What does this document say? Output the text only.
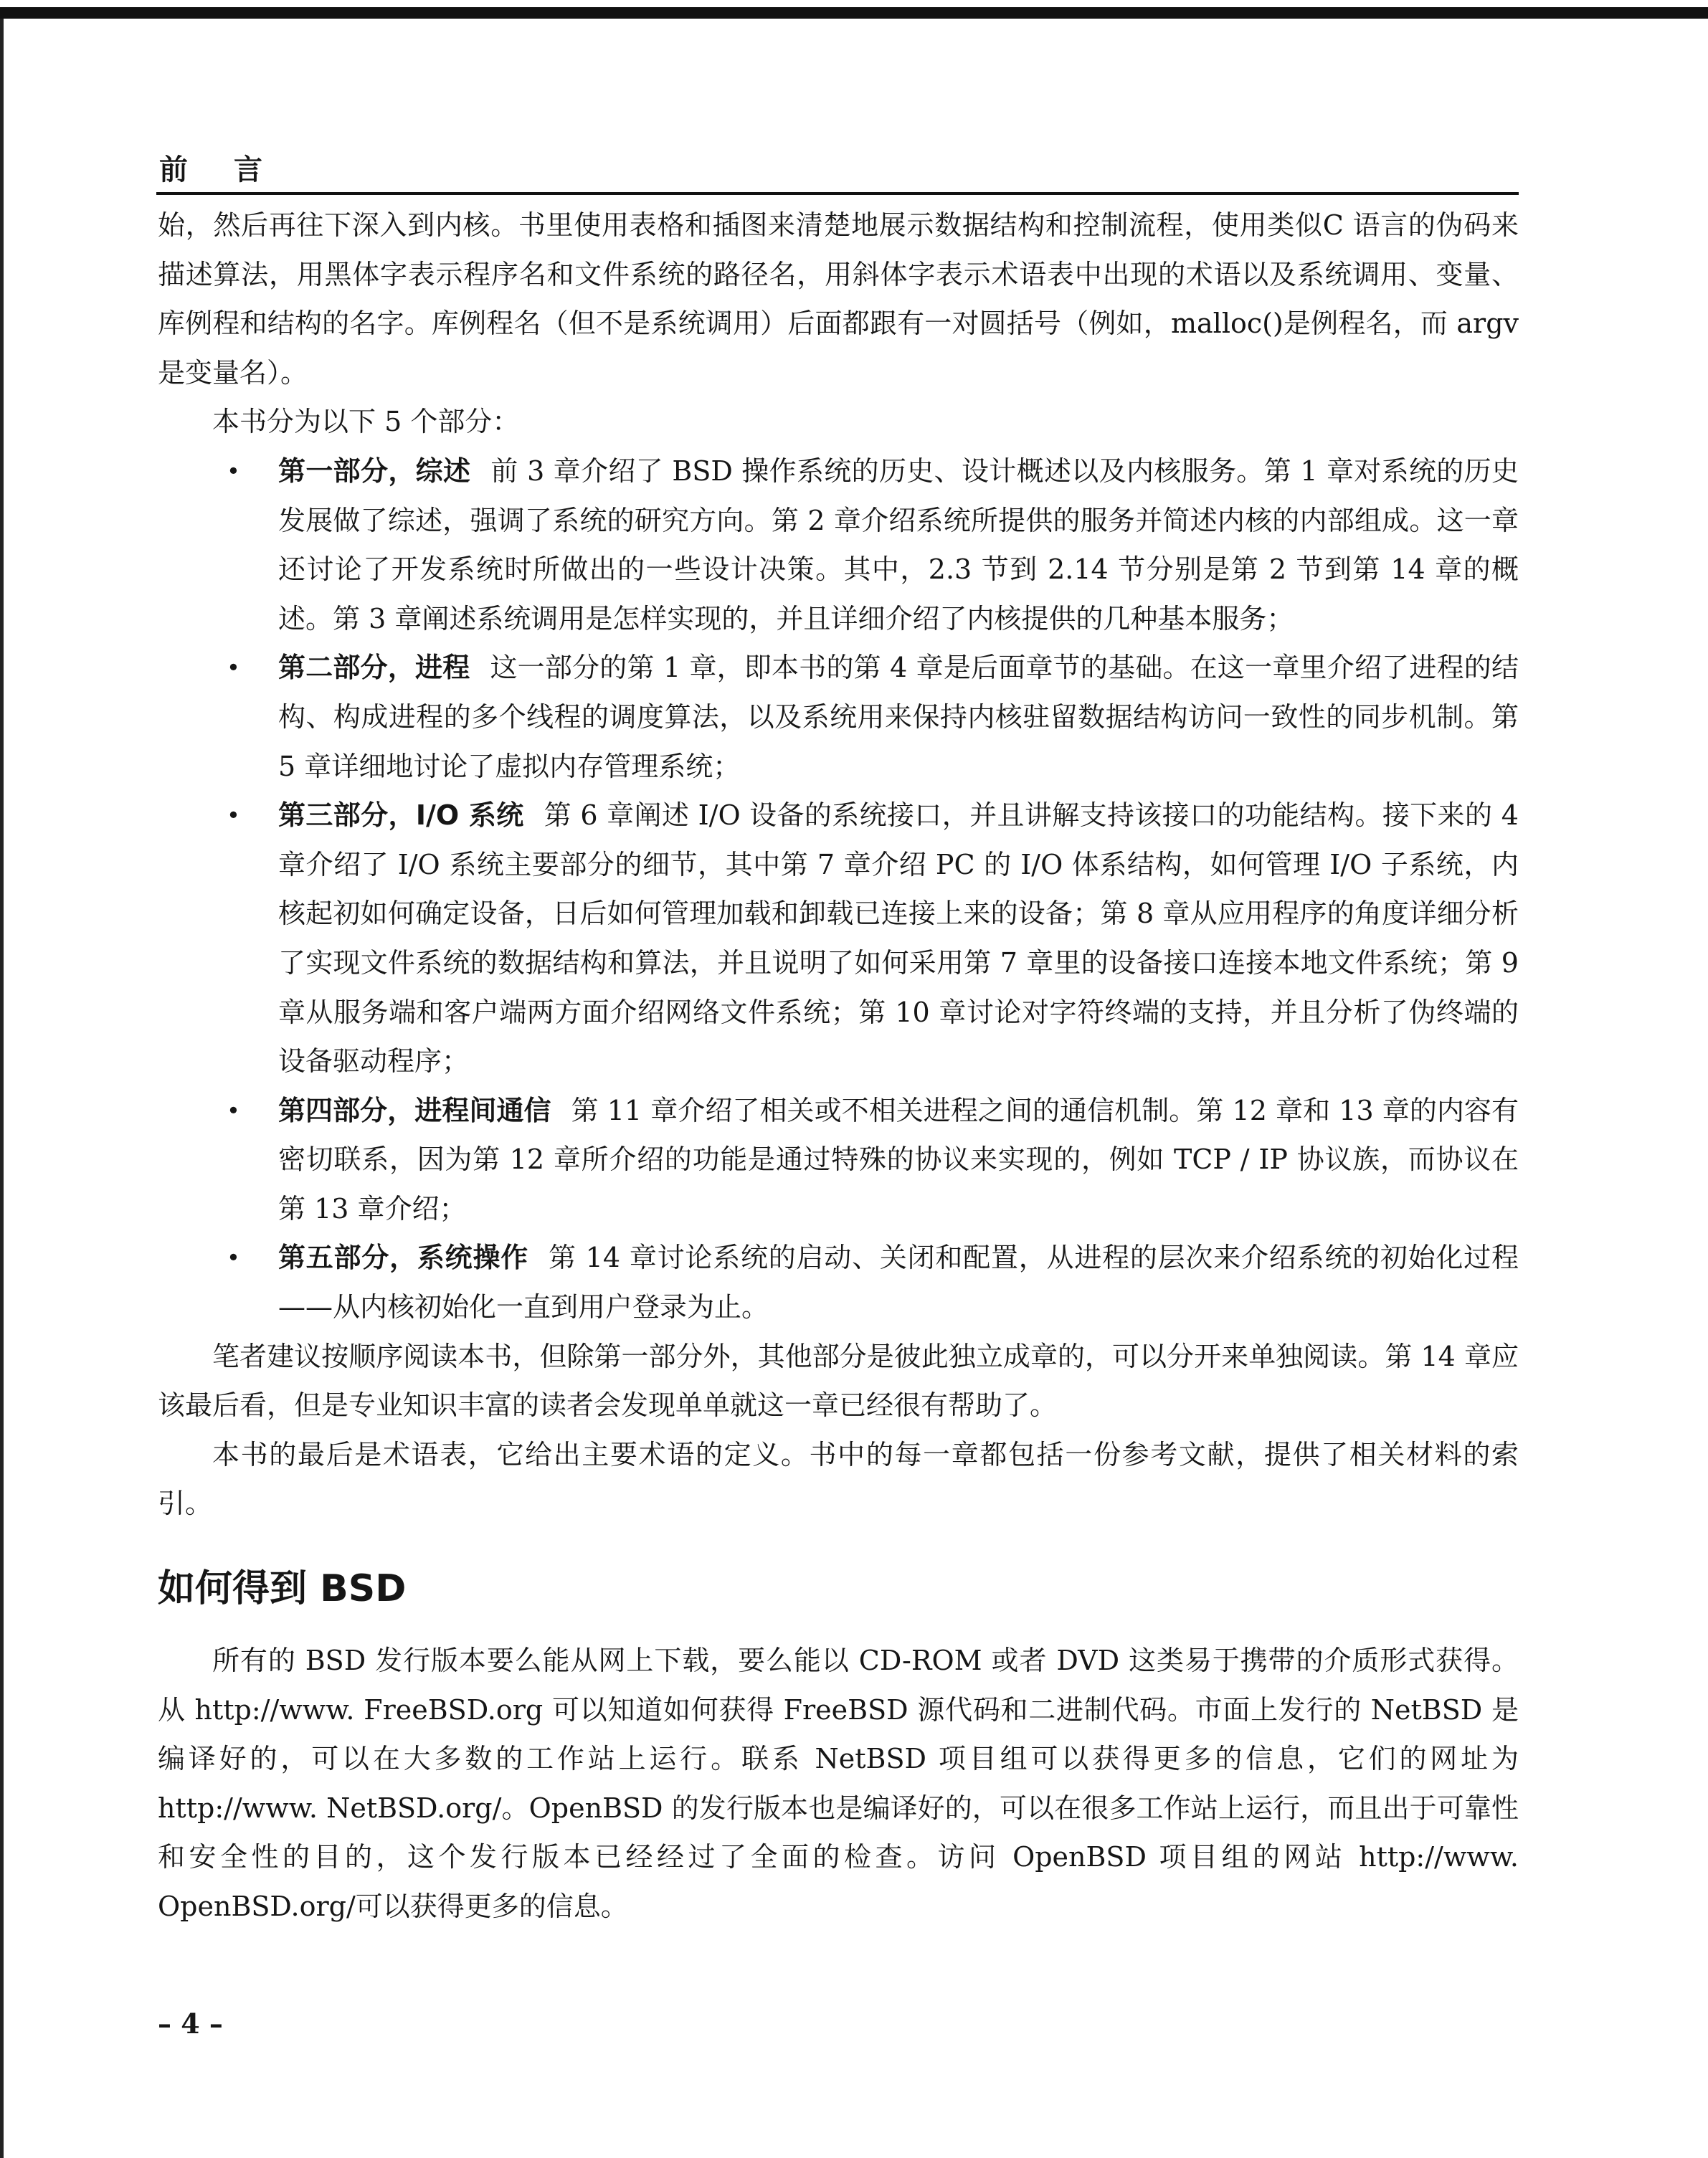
前言

始，然后再往下深入到内核。书里使用表格和插图来清楚地展示数据结构和控制流程，使用类似C 语言的伪码来描述算法，用黑体字表示程序名和文件系统的路径名，用斜体字表示术语表中出现的术语以及系统调用、变量、库例程和结构的名字。库例程名（但不是系统调用）后面都跟有一对圆括号（例如，malloc()是例程名，而 argv 是变量名）。

本书分为以下 5 个部分：

• 第一部分，综述 前 3 章介绍了 BSD 操作系统的历史、设计概述以及内核服务。第 1 章对系统的历史发展做了综述，强调了系统的研究方向。第 2 章介绍系统所提供的服务并简述内核的内部组成。这一章还讨论了开发系统时所做出的一些设计决策。其中，2.3 节到 2.14 节分别是第 2 节到第 14 章的概述。第 3 章阐述系统调用是怎样实现的，并且详细介绍了内核提供的几种基本服务；
• 第二部分，进程 这一部分的第 1 章，即本书的第 4 章是后面章节的基础。在这一章里介绍了进程的结构、构成进程的多个线程的调度算法，以及系统用来保持内核驻留数据结构访问一致性的同步机制。第 5 章详细地讨论了虚拟内存管理系统；
• 第三部分，I/O 系统 第 6 章阐述 I/O 设备的系统接口，并且讲解支持该接口的功能结构。接下来的 4 章介绍了 I/O 系统主要部分的细节，其中第 7 章介绍 PC 的 I/O 体系结构，如何管理 I/O 子系统，内核起初如何确定设备，日后如何管理加载和卸载已连接上来的设备；第 8 章从应用程序的角度详细分析了实现文件系统的数据结构和算法，并且说明了如何采用第 7 章里的设备接口连接本地文件系统；第 9 章从服务端和客户端两方面介绍网络文件系统；第 10 章讨论对字符终端的支持，并且分析了伪终端的设备驱动程序；
• 第四部分，进程间通信 第 11 章介绍了相关或不相关进程之间的通信机制。第 12 章和 13 章的内容有密切联系，因为第 12 章所介绍的功能是通过特殊的协议来实现的，例如 TCP / IP 协议族，而协议在第 13 章介绍；
• 第五部分，系统操作 第 14 章讨论系统的启动、关闭和配置，从进程的层次来介绍系统的初始化过程——从内核初始化一直到用户登录为止。

笔者建议按顺序阅读本书，但除第一部分外，其他部分是彼此独立成章的，可以分开来单独阅读。第 14 章应该最后看，但是专业知识丰富的读者会发现单单就这一章已经很有帮助了。

本书的最后是术语表，它给出主要术语的定义。书中的每一章都包括一份参考文献，提供了相关材料的索引。

如何得到 BSD

所有的 BSD 发行版本要么能从网上下载，要么能以 CD-ROM 或者 DVD 这类易于携带的介质形式获得。从 http://www. FreeBSD.org 可以知道如何获得 FreeBSD 源代码和二进制代码。市面上发行的 NetBSD 是编译好的，可以在大多数的工作站上运行。联系 NetBSD 项目组可以获得更多的信息，它们的网址为 http://www. NetBSD.org/。OpenBSD 的发行版本也是编译好的，可以在很多工作站上运行，而且出于可靠性和安全性的目的，这个发行版本已经经过了全面的检查。访问 OpenBSD 项目组的网站 http://www. OpenBSD.org/可以获得更多的信息。

– 4 –
